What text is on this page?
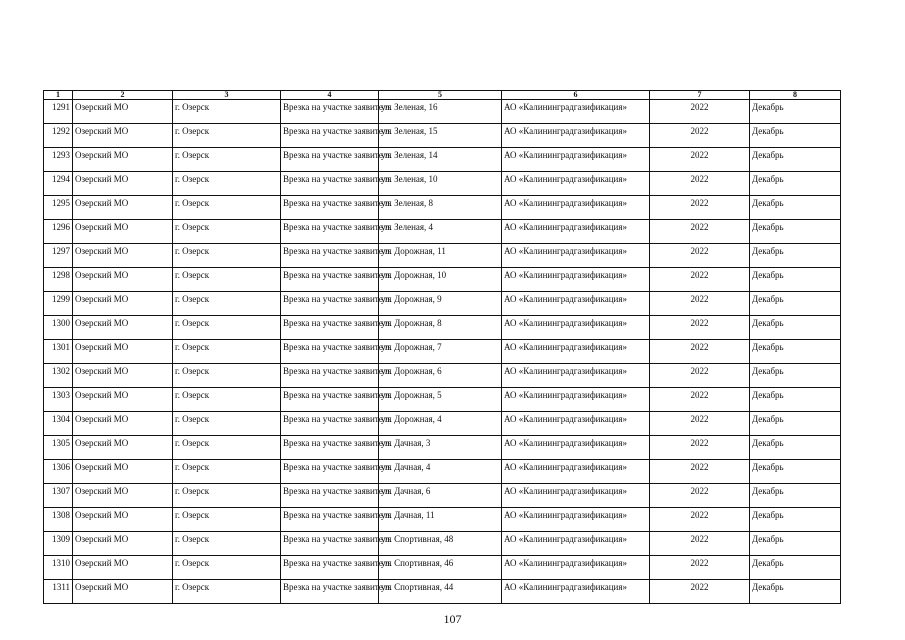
1	2	3	4	5	6	7	8
1291	Озерский МО	г. Озерск	Врезка на участке заявителя	ул. Зеленая, 16	АО «Калининградгазификация»	2022	Декабрь
1292	Озерский МО	г. Озерск	Врезка на участке заявителя	ул. Зеленая, 15	АО «Калининградгазификация»	2022	Декабрь
1293	Озерский МО	г. Озерск	Врезка на участке заявителя	ул. Зеленая, 14	АО «Калининградгазификация»	2022	Декабрь
1294	Озерский МО	г. Озерск	Врезка на участке заявителя	ул. Зеленая, 10	АО «Калининградгазификация»	2022	Декабрь
1295	Озерский МО	г. Озерск	Врезка на участке заявителя	ул. Зеленая, 8	АО «Калининградгазификация»	2022	Декабрь
1296	Озерский МО	г. Озерск	Врезка на участке заявителя	ул. Зеленая, 4	АО «Калининградгазификация»	2022	Декабрь
1297	Озерский МО	г. Озерск	Врезка на участке заявителя	ул. Дорожная, 11	АО «Калининградгазификация»	2022	Декабрь
1298	Озерский МО	г. Озерск	Врезка на участке заявителя	ул. Дорожная, 10	АО «Калининградгазификация»	2022	Декабрь
1299	Озерский МО	г. Озерск	Врезка на участке заявителя	ул. Дорожная, 9	АО «Калининградгазификация»	2022	Декабрь
1300	Озерский МО	г. Озерск	Врезка на участке заявителя	ул. Дорожная, 8	АО «Калининградгазификация»	2022	Декабрь
1301	Озерский МО	г. Озерск	Врезка на участке заявителя	ул. Дорожная, 7	АО «Калининградгазификация»	2022	Декабрь
1302	Озерский МО	г. Озерск	Врезка на участке заявителя	ул. Дорожная, 6	АО «Калининградгазификация»	2022	Декабрь
1303	Озерский МО	г. Озерск	Врезка на участке заявителя	ул. Дорожная, 5	АО «Калининградгазификация»	2022	Декабрь
1304	Озерский МО	г. Озерск	Врезка на участке заявителя	ул. Дорожная, 4	АО «Калининградгазификация»	2022	Декабрь
1305	Озерский МО	г. Озерск	Врезка на участке заявителя	ул. Дачная, 3	АО «Калининградгазификация»	2022	Декабрь
1306	Озерский МО	г. Озерск	Врезка на участке заявителя	ул. Дачная, 4	АО «Калининградгазификация»	2022	Декабрь
1307	Озерский МО	г. Озерск	Врезка на участке заявителя	ул. Дачная, 6	АО «Калининградгазификация»	2022	Декабрь
1308	Озерский МО	г. Озерск	Врезка на участке заявителя	ул. Дачная, 11	АО «Калининградгазификация»	2022	Декабрь
1309	Озерский МО	г. Озерск	Врезка на участке заявителя	ул. Спортивная, 48	АО «Калининградгазификация»	2022	Декабрь
1310	Озерский МО	г. Озерск	Врезка на участке заявителя	ул. Спортивная, 46	АО «Калининградгазификация»	2022	Декабрь
1311	Озерский МО	г. Озерск	Врезка на участке заявителя	ул. Спортивная, 44	АО «Калининградгазификация»	2022	Декабрь
107
